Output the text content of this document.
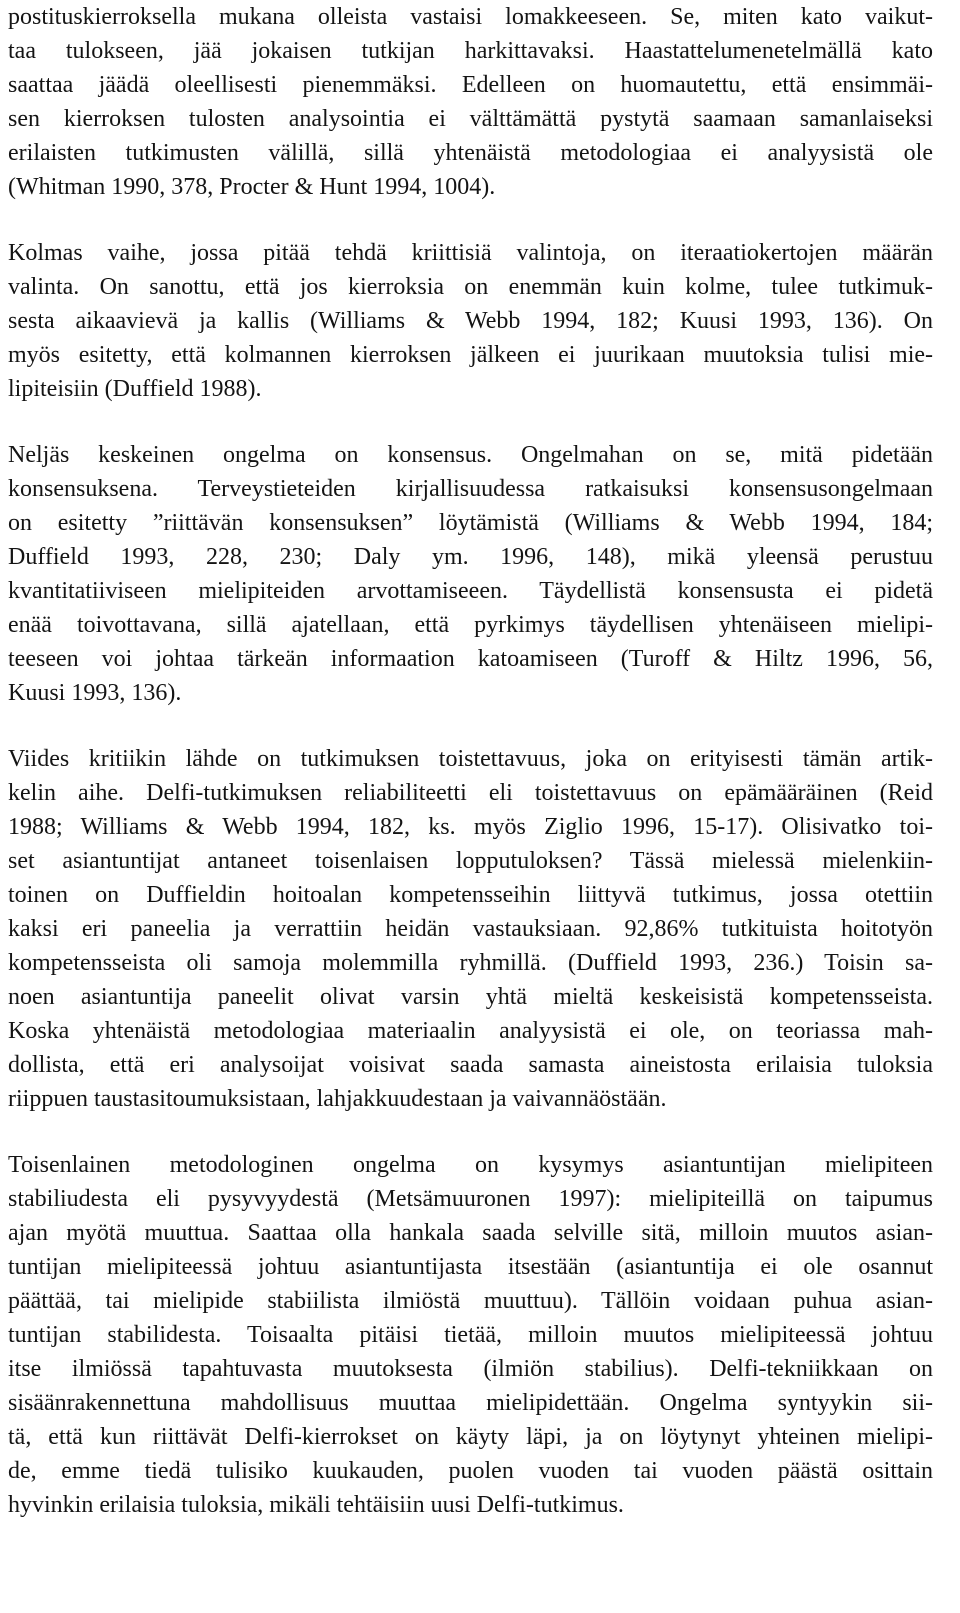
postituskierroksella mukana olleista vastaisi lomakkeeseen. Se, miten kato vaikut-
taa tulokseen, jää jokaisen tutkijan harkittavaksi. Haastattelumenetelmällä kato
saattaa jäädä oleellisesti pienemmäksi. Edelleen on huomautettu, että ensimmäi-
sen kierroksen tulosten analysointia ei välttämättä pystytä saamaan samanlaiseksi
erilaisten tutkimusten välillä, sillä yhtenäistä metodologiaa ei analyysistä ole
(Whitman 1990, 378, Procter & Hunt 1994, 1004).
Kolmas vaihe, jossa pitää tehdä kriittisiä valintoja, on iteraatiokertojen määrän
valinta. On sanottu, että jos kierroksia on enemmän kuin kolme, tulee tutkimuk-
sesta aikaavievä ja kallis (Williams & Webb 1994, 182; Kuusi 1993, 136). On
myös esitetty, että kolmannen kierroksen jälkeen ei juurikaan muutoksia tulisi mie-
lipiteisiin (Duffield 1988).
Neljäs keskeinen ongelma on konsensus. Ongelmahan on se, mitä pidetään
konsensuksena. Terveystieteiden kirjallisuudessa ratkaisuksi konsensusongelmaan
on esitetty ”riittävän konsensuksen” löytämistä (Williams & Webb 1994, 184;
Duffield 1993, 228, 230; Daly ym. 1996, 148), mikä yleensä perustuu
kvantitatiiviseen mielipiteiden arvottamiseeen. Täydellistä konsensusta ei pidetä
enää toivottavana, sillä ajatellaan, että pyrkimys täydellisen yhtenäiseen mielipi-
teeseen voi johtaa tärkeän informaation katoamiseen (Turoff & Hiltz 1996, 56,
Kuusi 1993, 136).
Viides kritiikin lähde on tutkimuksen toistettavuus, joka on erityisesti tämän artik-
kelin aihe. Delfi-tutkimuksen reliabiliteetti eli toistettavuus on epämääräinen (Reid
1988; Williams & Webb 1994, 182, ks. myös Ziglio 1996, 15-17). Olisivatko toi-
set asiantuntijat antaneet toisenlaisen lopputuloksen? Tässä mielessä mielenkiin-
toinen on Duffieldin hoitoalan kompetensseihin liittyvä tutkimus, jossa otettiin
kaksi eri paneelia ja verrattiin heidän vastauksiaan. 92,86% tutkituista hoitotyön
kompetensseista oli samoja molemmilla ryhmillä. (Duffield 1993, 236.) Toisin sa-
noen asiantuntija paneelit olivat varsin yhtä mieltä keskeisistä kompetensseista.
Koska yhtenäistä metodologiaa materiaalin analyysistä ei ole, on teoriassa mah-
dollista, että eri analysoijat voisivat saada samasta aineistosta erilaisia tuloksia
riippuen taustasitoumuksistaan, lahjakkuudestaan ja vaivannäöstään.
Toisenlainen metodologinen ongelma on kysymys asiantuntijan mielipiteen
stabiliudesta eli pysyvyydestä (Metsämuuronen 1997): mielipiteillä on taipumus
ajan myötä muuttua. Saattaa olla hankala saada selville sitä, milloin muutos asian-
tuntijan mielipiteessä johtuu asiantuntijasta itsestään (asiantuntija ei ole osannut
päättää, tai mielipide stabiilista ilmiöstä muuttuu). Tällöin voidaan puhua asian-
tuntijan stabilidesta. Toisaalta pitäisi tietää, milloin muutos mielipiteessä johtuu
itse ilmiössä tapahtuvasta muutoksesta (ilmiön stabilius). Delfi-tekniikkaan on
sisäänrakennettuna mahdollisuus muuttaa mielipidettään. Ongelma syntyykin sii-
tä, että kun riittävät Delfi-kierrokset on käyty läpi, ja on löytynyt yhteinen mielipi-
de, emme tiedä tulisiko kuukauden, puolen vuoden tai vuoden päästä osittain
hyvinkin erilaisia tuloksia, mikäli tehtäisiin uusi Delfi-tutkimus.
